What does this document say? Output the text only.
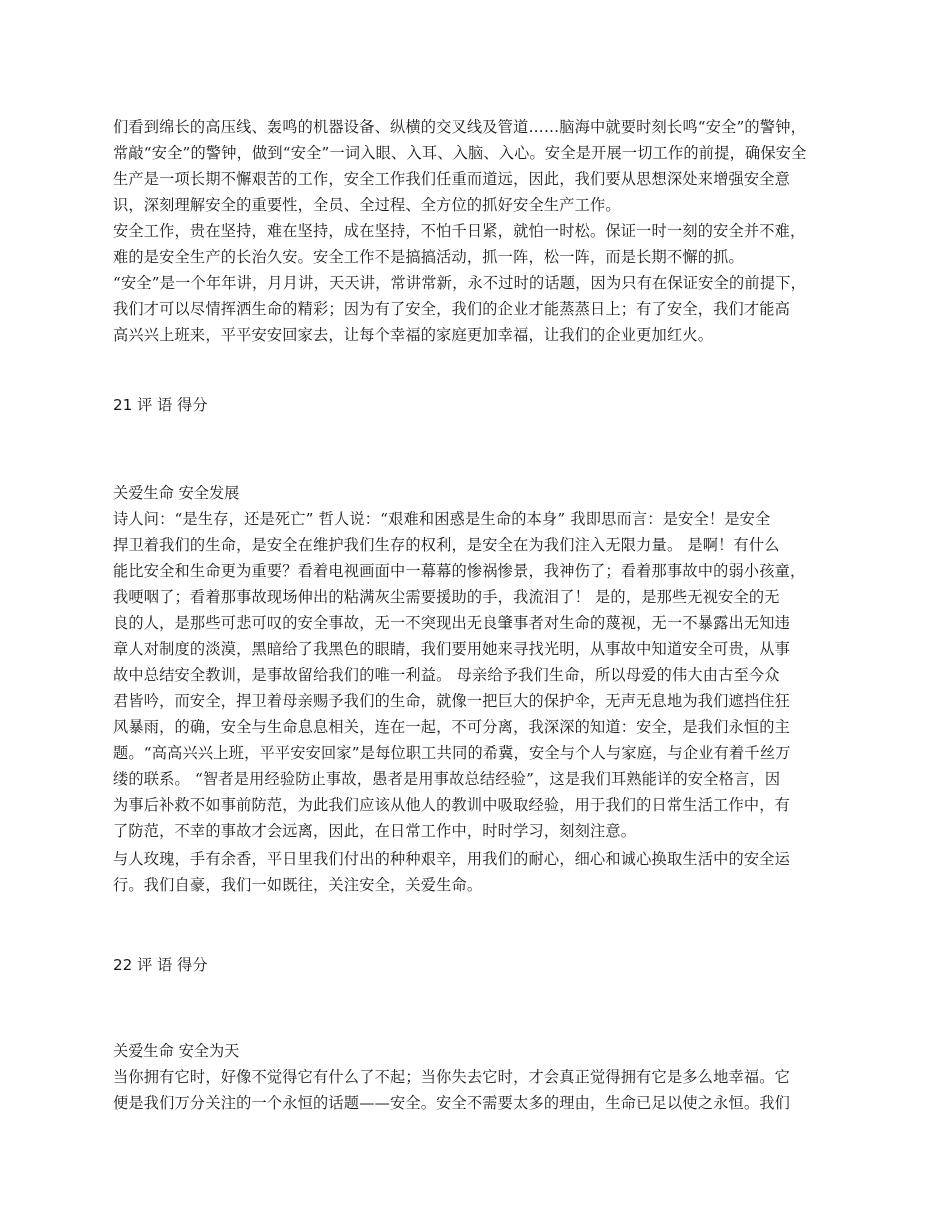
们看到绵长的高压线、轰鸣的机器设备、纵横的交叉线及管道……脑海中就要时刻长鸣“安全”的警钟，
常敲“安全”的警钟，做到“安全”一词入眼、入耳、入脑、入心。安全是开展一切工作的前提，确保安全
生产是一项长期不懈艰苦的工作，安全工作我们任重而道远，因此，我们要从思想深处来增强安全意
识，深刻理解安全的重要性，全员、全过程、全方位的抓好安全生产工作。
安全工作，贵在坚持，难在坚持，成在坚持，不怕千日紧，就怕一时松。保证一时一刻的安全并不难，
难的是安全生产的长治久安。安全工作不是搞搞活动，抓一阵，松一阵，而是长期不懈的抓。
“安全”是一个年年讲，月月讲，天天讲，常讲常新，永不过时的话题，因为只有在保证安全的前提下，
我们才可以尽情挥洒生命的精彩；因为有了安全，我们的企业才能蒸蒸日上；有了安全，我们才能高
高兴兴上班来，平平安安回家去，让每个幸福的家庭更加幸福，让我们的企业更加红火。
21 评 语 得分
关爱生命 安全发展
诗人问：“是生存，还是死亡” 哲人说：“艰难和困惑是生命的本身” 我即思而言：是安全！是安全
捍卫着我们的生命，是安全在维护我们生存的权利，是安全在为我们注入无限力量。 是啊！有什么
能比安全和生命更为重要？看着电视画面中一幕幕的惨祸惨景，我神伤了；看着那事故中的弱小孩童，
我哽咽了；看着那事故现场伸出的粘满灰尘需要援助的手，我流泪了！ 是的，是那些无视安全的无
良的人，是那些可悲可叹的安全事故，无一不突现出无良肇事者对生命的蔑视，无一不暴露出无知违
章人对制度的淡漠，黑暗给了我黑色的眼睛，我们要用她来寻找光明，从事故中知道安全可贵，从事
故中总结安全教训，是事故留给我们的唯一利益。 母亲给予我们生命，所以母爱的伟大由古至今众
君皆吟，而安全，捍卫着母亲赐予我们的生命，就像一把巨大的保护伞，无声无息地为我们遮挡住狂
风暴雨，的确，安全与生命息息相关，连在一起，不可分离，我深深的知道：安全，是我们永恒的主
题。“高高兴兴上班，平平安安回家”是每位职工共同的希冀，安全与个人与家庭，与企业有着千丝万
缕的联系。 “智者是用经验防止事故，愚者是用事故总结经验”，这是我们耳熟能详的安全格言，因
为事后补救不如事前防范，为此我们应该从他人的教训中吸取经验，用于我们的日常生活工作中，有
了防范，不幸的事故才会远离，因此，在日常工作中，时时学习，刻刻注意。
与人玫瑰，手有余香，平日里我们付出的种种艰辛，用我们的耐心，细心和诚心换取生活中的安全运
行。我们自豪，我们一如既往，关注安全，关爱生命。
22 评 语 得分
关爱生命 安全为天
当你拥有它时，好像不觉得它有什么了不起；当你失去它时，才会真正觉得拥有它是多么地幸福。它
便是我们万分关注的一个永恒的话题——安全。安全不需要太多的理由，生命已足以使之永恒。我们
